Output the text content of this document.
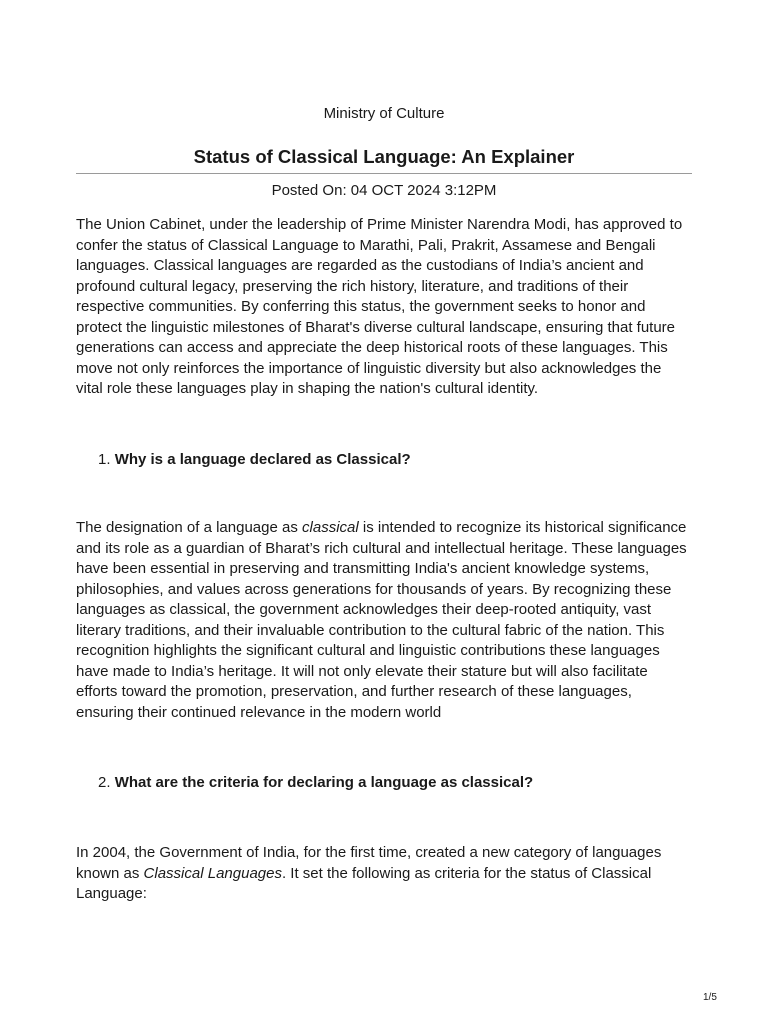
Ministry of Culture
Status of Classical Language: An Explainer
Posted On: 04 OCT 2024 3:12PM

The Union Cabinet, under the leadership of Prime Minister Narendra Modi, has approved to confer the status of Classical Language to Marathi, Pali, Prakrit, Assamese and Bengali languages. Classical languages are regarded as the custodians of India’s ancient and profound cultural legacy, preserving the rich history, literature, and traditions of their respective communities. By conferring this status, the government seeks to honor and protect the linguistic milestones of Bharat's diverse cultural landscape, ensuring that future generations can access and appreciate the deep historical roots of these languages. This move not only reinforces the importance of linguistic diversity but also acknowledges the vital role these languages play in shaping the nation's cultural identity.

1. Why is a language declared as Classical?

The designation of a language as classical is intended to recognize its historical significance and its role as a guardian of Bharat’s rich cultural and intellectual heritage. These languages have been essential in preserving and transmitting India's ancient knowledge systems, philosophies, and values across generations for thousands of years. By recognizing these languages as classical, the government acknowledges their deep-rooted antiquity, vast literary traditions, and their invaluable contribution to the cultural fabric of the nation. This recognition highlights the significant cultural and linguistic contributions these languages have made to India’s heritage. It will not only elevate their stature but will also facilitate efforts toward the promotion, preservation, and further research of these languages, ensuring their continued relevance in the modern world

2. What are the criteria for declaring a language as classical?

In 2004, the Government of India, for the first time, created a new category of languages known as Classical Languages. It set the following as criteria for the status of Classical Language:

1/5
